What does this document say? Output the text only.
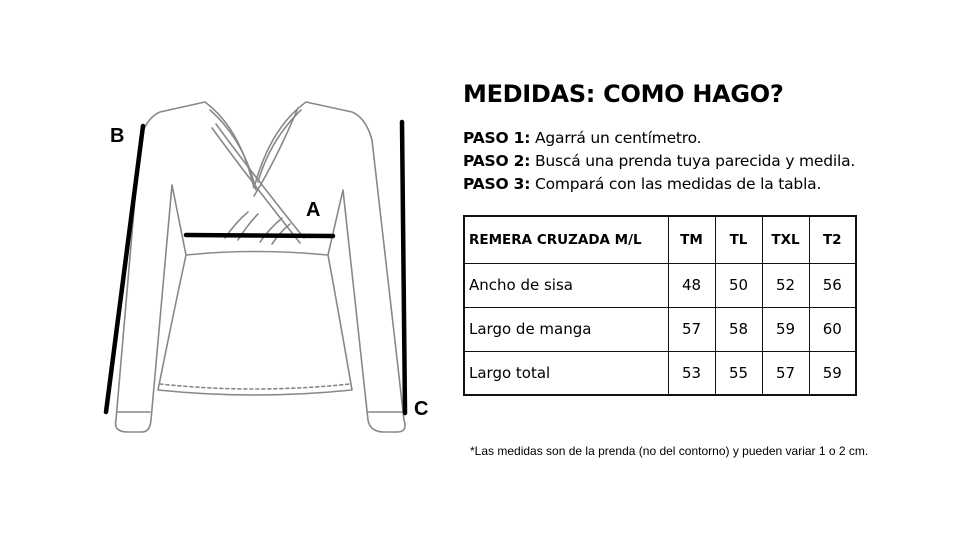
A
B
C
MEDIDAS: COMO HAGO?
PASO 1: Agarrá un centímetro.
PASO 2: Buscá una prenda tuya parecida y medila.
PASO 3: Compará con las medidas de la tabla.
REMERA CRUZADA M/L	TM	TL	TXL	T2
Ancho de sisa	48	50	52	56
Largo de manga	57	58	59	60
Largo total	53	55	57	59

*Las medidas son de la prenda (no del contorno) y pueden variar 1 o 2 cm.
